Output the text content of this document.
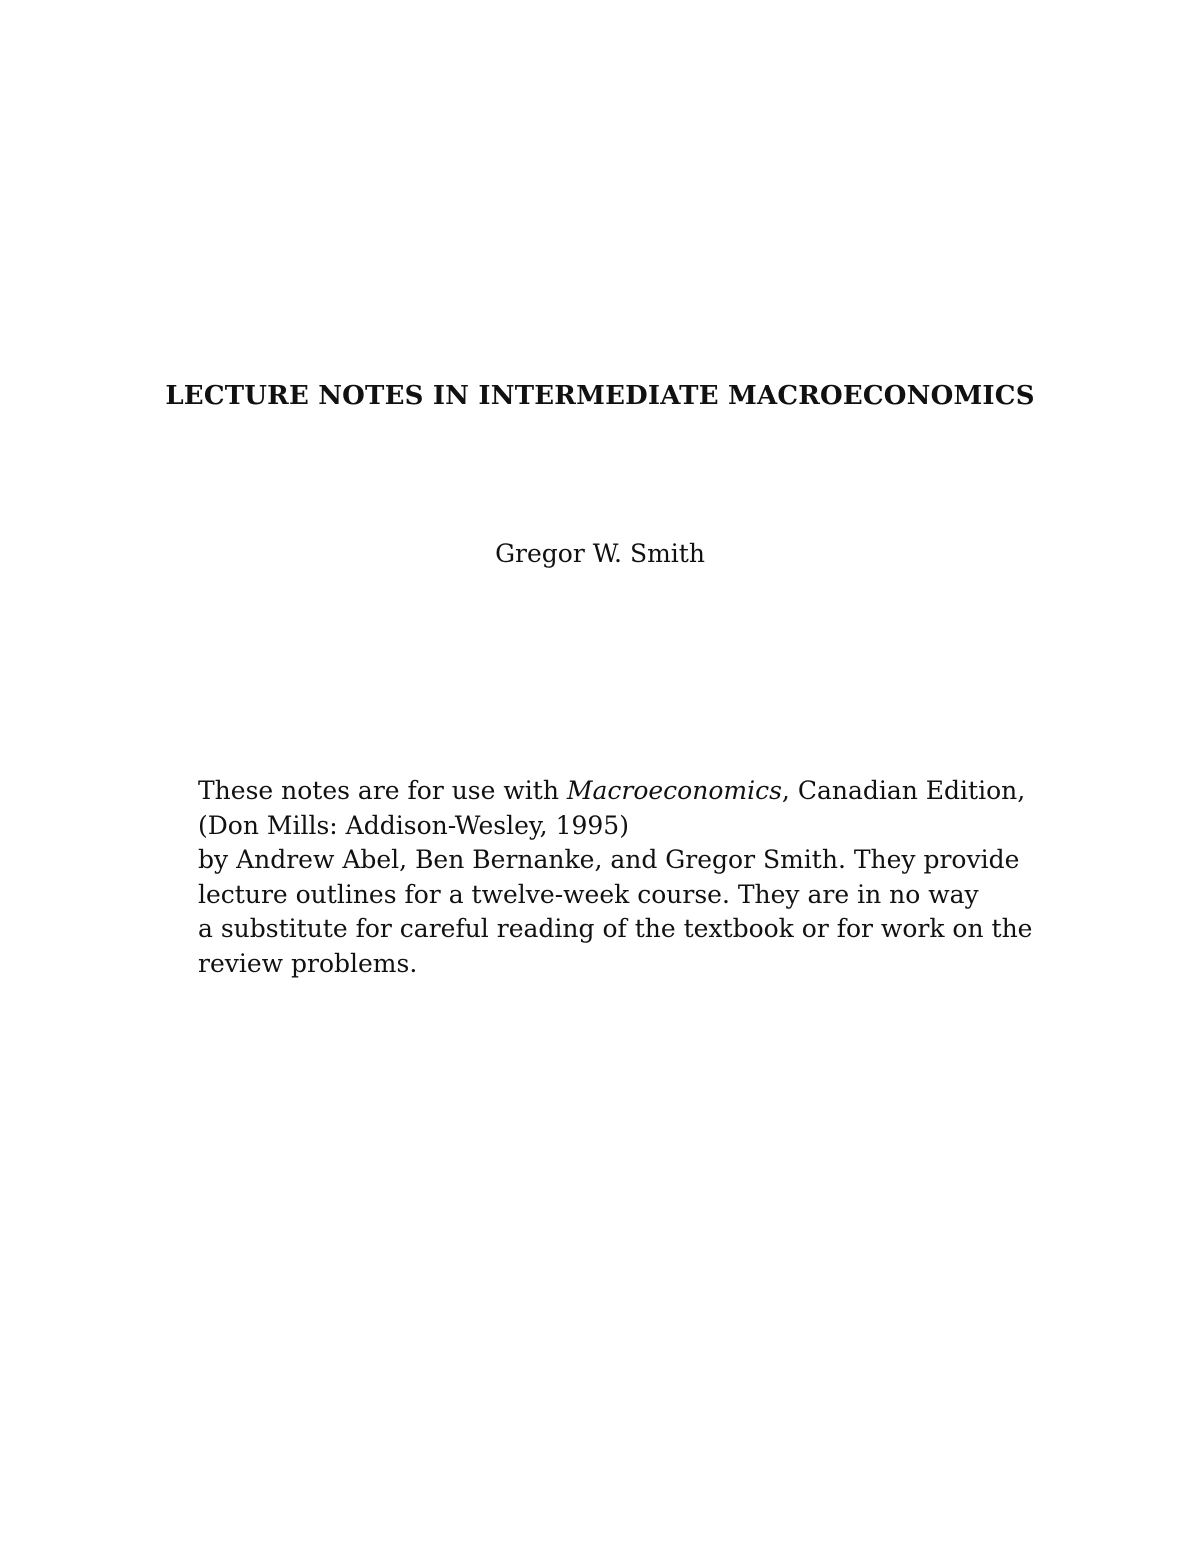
LECTURE NOTES IN INTERMEDIATE MACROECONOMICS
Gregor W. Smith
These notes are for use with Macroeconomics, Canadian Edition,
(Don Mills: Addison-Wesley, 1995)
by Andrew Abel, Ben Bernanke, and Gregor Smith. They provide
lecture outlines for a twelve-week course. They are in no way
a substitute for careful reading of the textbook or for work on the
review problems.
